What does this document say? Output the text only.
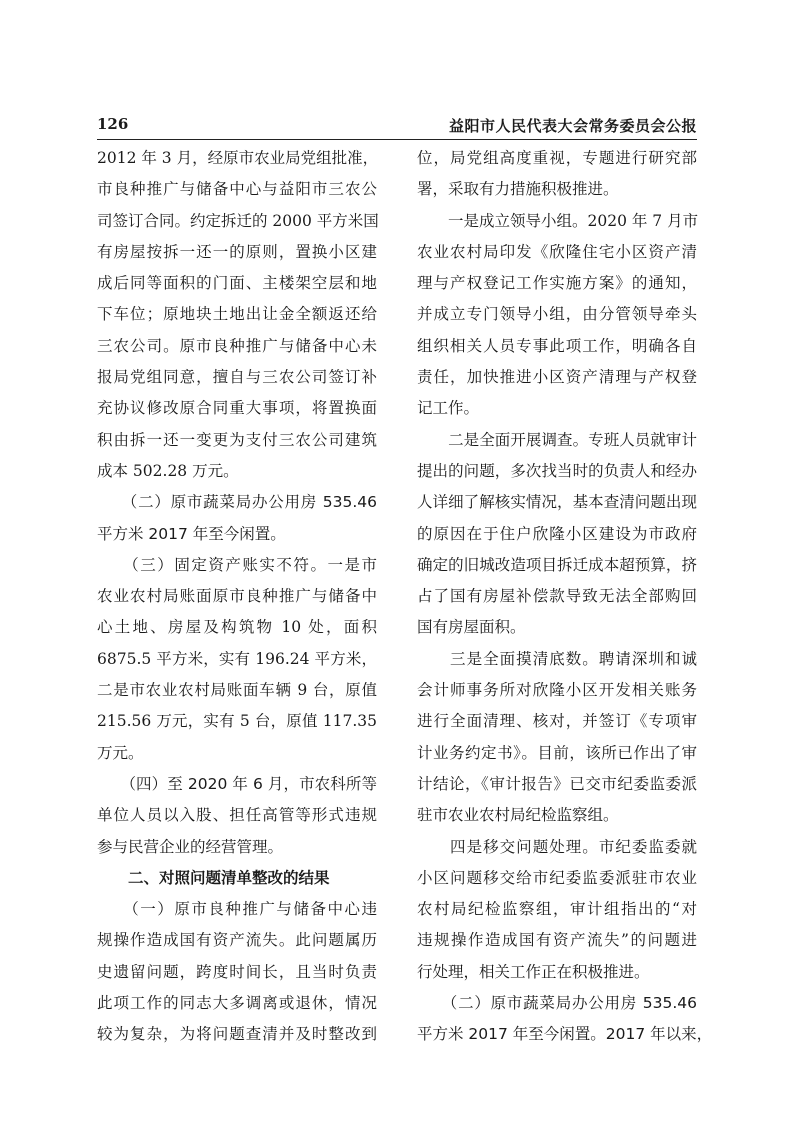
126	益阳市人民代表大会常务委员会公报
2012 年 3 月，经原市农业局党组批准，
市良种推广与储备中心与益阳市三农公
司签订合同。约定拆迁的 2000 平方米国
有房屋按拆一还一的原则，置换小区建
成后同等面积的门面、主楼架空层和地
下车位；原地块土地出让金全额返还给
三农公司。原市良种推广与储备中心未
报局党组同意，擅自与三农公司签订补
充协议修改原合同重大事项，将置换面
积由拆一还一变更为支付三农公司建筑
成本 502.28 万元。
　　（二）原市蔬菜局办公用房 535.46
平方米 2017 年至今闲置。
　　（三）固定资产账实不符。一是市
农业农村局账面原市良种推广与储备中
心土地、房屋及构筑物 10 处，面积
6875.5 平方米，实有 196.24 平方米，
二是市农业农村局账面车辆 9 台，原值
215.56 万元，实有 5 台，原值 117.35
万元。
　　（四）至 2020 年 6 月，市农科所等
单位人员以入股、担任高管等形式违规
参与民营企业的经营管理。
　　二、对照问题清单整改的结果
　　（一）原市良种推广与储备中心违
规操作造成国有资产流失。此问题属历
史遗留问题，跨度时间长，且当时负责
此项工作的同志大多调离或退休，情况
较为复杂，为将问题查清并及时整改到
位，局党组高度重视，专题进行研究部
署，采取有力措施积极推进。
　　一是成立领导小组。2020 年 7 月市
农业农村局印发《欣隆住宅小区资产清
理与产权登记工作实施方案》的通知，
并成立专门领导小组，由分管领导牵头
组织相关人员专事此项工作，明确各自
责任，加快推进小区资产清理与产权登
记工作。
　　二是全面开展调查。专班人员就审计
提出的问题，多次找当时的负责人和经办
人详细了解核实情况，基本查清问题出现
的原因在于住户欣隆小区建设为市政府
确定的旧城改造项目拆迁成本超预算，挤
占了国有房屋补偿款导致无法全部购回
国有房屋面积。
　　三是全面摸清底数。聘请深圳和诚
会计师事务所对欣隆小区开发相关账务
进行全面清理、核对，并签订《专项审
计业务约定书》。目前，该所已作出了审
计结论，《审计报告》已交市纪委监委派
驻市农业农村局纪检监察组。
　　四是移交问题处理。市纪委监委就
小区问题移交给市纪委监委派驻市农业
农村局纪检监察组，审计组指出的“对
违规操作造成国有资产流失”的问题进
行处理，相关工作正在积极推进。
　　（二）原市蔬菜局办公用房 535.46
平方米 2017 年至今闲置。2017 年以来，
